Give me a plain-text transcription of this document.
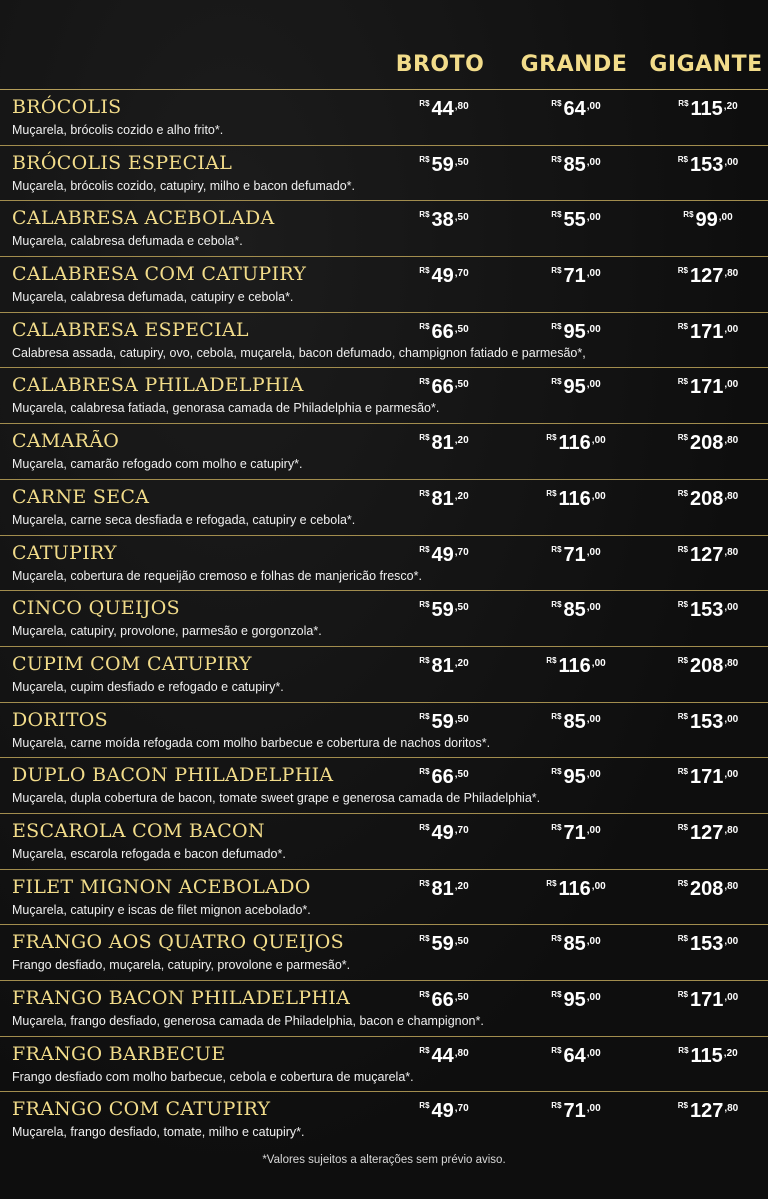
BROTO	GRANDE	GIGANTE
BRÓCOLIS
Muçarela, brócolis cozido e alho frito*.
$^{R\$}$ $44^{,80}$	$^{R\$}$ $64^{,00}$	$^{R\$}$ $115^{,20}$
BRÓCOLIS ESPECIAL
Muçarela, brócolis cozido, catupiry, milho e bacon defumado*.
$^{R\$}$ $59^{,50}$	$^{R\$}$ $85^{,00}$	$^{R\$}$ $153^{,00}$
CALABRESA ACEBOLADA
Muçarela, calabresa defumada e cebola*.
$^{R\$}$ $38^{,50}$	$^{R\$}$ $55^{,00}$	$^{R\$}$ $99^{,00}$
CALABRESA COM CATUPIRY
Muçarela, calabresa defumada, catupiry e cebola*.
$^{R\$}$ $49^{,70}$	$^{R\$}$ $71^{,00}$	$^{R\$}$ $127^{,80}$
CALABRESA ESPECIAL
Calabresa assada, catupiry, ovo, cebola, muçarela, bacon defumado, champignon fatiado e parmesão*,
$^{R\$}$ $66^{,50}$	$^{R\$}$ $95^{,00}$	$^{R\$}$ $171^{,00}$
CALABRESA PHILADELPHIA
Muçarela, calabresa fatiada, genorasa camada de Philadelphia e parmesão*.
$^{R\$}$ $66^{,50}$	$^{R\$}$ $95^{,00}$	$^{R\$}$ $171^{,00}$
CAMARÃO
Muçarela, camarão refogado com molho e catupiry*.
$^{R\$}$ $81^{,20}$	$^{R\$}$ $116^{,00}$	$^{R\$}$ $208^{,80}$
CARNE SECA
Muçarela, carne seca desfiada e refogada, catupiry e cebola*.
$^{R\$}$ $81^{,20}$	$^{R\$}$ $116^{,00}$	$^{R\$}$ $208^{,80}$
CATUPIRY
Muçarela, cobertura de requeijão cremoso e folhas de manjericão fresco*.
$^{R\$}$ $49^{,70}$	$^{R\$}$ $71^{,00}$	$^{R\$}$ $127^{,80}$
CINCO QUEIJOS
Muçarela, catupiry, provolone, parmesão e gorgonzola*.
$^{R\$}$ $59^{,50}$	$^{R\$}$ $85^{,00}$	$^{R\$}$ $153^{,00}$
CUPIM COM CATUPIRY
Muçarela, cupim desfiado e refogado e catupiry*.
$^{R\$}$ $81^{,20}$	$^{R\$}$ $116^{,00}$	$^{R\$}$ $208^{,80}$
DORITOS
Muçarela, carne moída refogada com molho barbecue e cobertura de nachos doritos*.
$^{R\$}$ $59^{,50}$	$^{R\$}$ $85^{,00}$	$^{R\$}$ $153^{,00}$
DUPLO BACON PHILADELPHIA
Muçarela, dupla cobertura de bacon, tomate sweet grape e generosa camada de Philadelphia*.
$^{R\$}$ $66^{,50}$	$^{R\$}$ $95^{,00}$	$^{R\$}$ $171^{,00}$
ESCAROLA COM BACON
Muçarela, escarola refogada e bacon defumado*.
$^{R\$}$ $49^{,70}$	$^{R\$}$ $71^{,00}$	$^{R\$}$ $127^{,80}$
FILET MIGNON ACEBOLADO
Muçarela, catupiry e iscas de filet mignon acebolado*.
$^{R\$}$ $81^{,20}$	$^{R\$}$ $116^{,00}$	$^{R\$}$ $208^{,80}$
FRANGO AOS QUATRO QUEIJOS
Frango desfiado, muçarela, catupiry, provolone e parmesão*.
$^{R\$}$ $59^{,50}$	$^{R\$}$ $85^{,00}$	$^{R\$}$ $153^{,00}$
FRANGO BACON PHILADELPHIA
Muçarela, frango desfiado, generosa camada de Philadelphia, bacon e champignon*.
$^{R\$}$ $66^{,50}$	$^{R\$}$ $95^{,00}$	$^{R\$}$ $171^{,00}$
FRANGO BARBECUE
Frango desfiado com molho barbecue, cebola e cobertura de muçarela*.
$^{R\$}$ $44^{,80}$	$^{R\$}$ $64^{,00}$	$^{R\$}$ $115^{,20}$
FRANGO COM CATUPIRY
Muçarela, frango desfiado, tomate, milho e catupiry*.
$^{R\$}$ $49^{,70}$	$^{R\$}$ $71^{,00}$	$^{R\$}$ $127^{,80}$
*Valores sujeitos a alterações sem prévio aviso.
